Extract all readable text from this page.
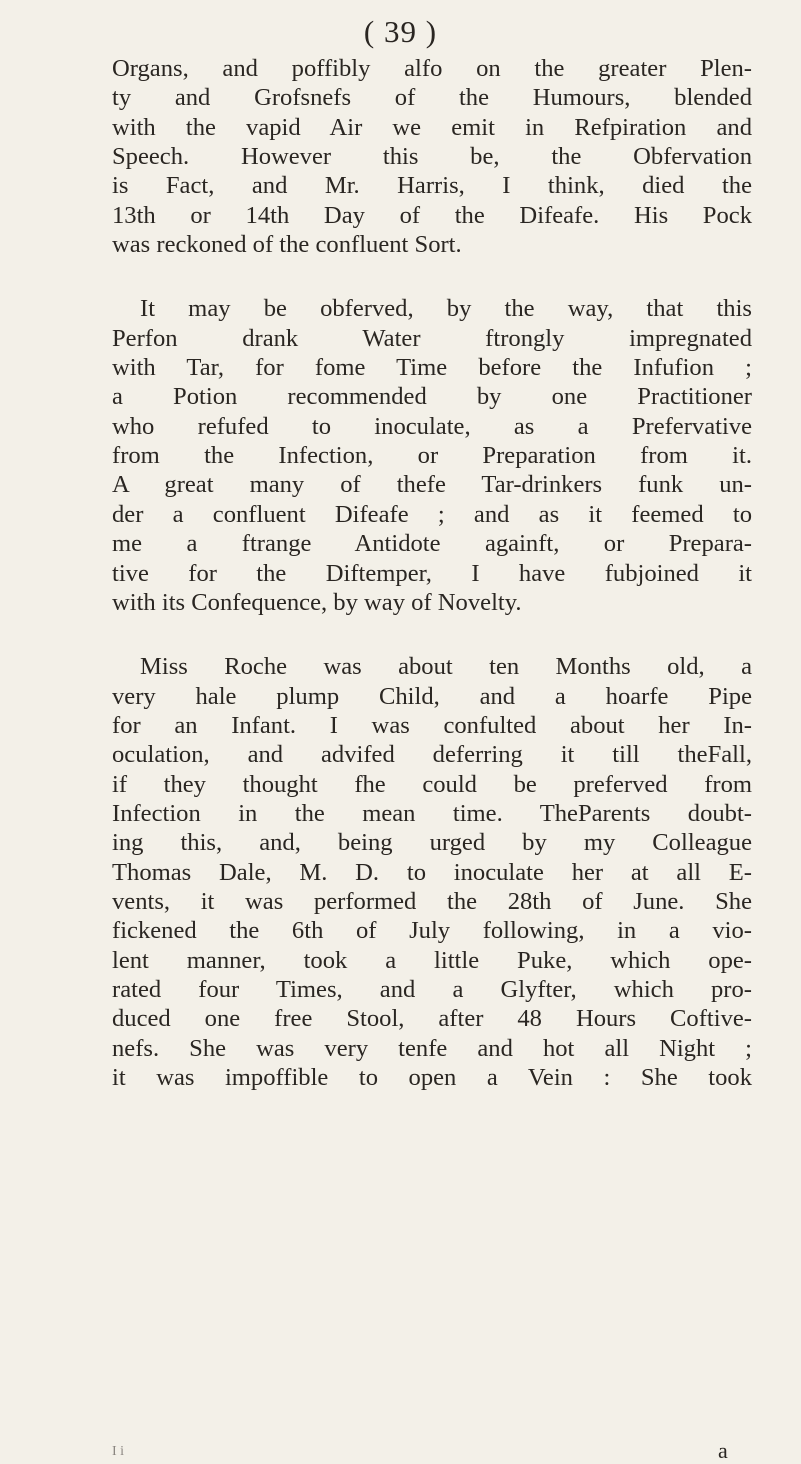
( 39 )

Organs, and poffibly alfo on the greater Plen-
ty and Grofsnefs of the Humours, blended
with the vapid Air we emit in Refpiration and
Speech. However this be, the Obfervation
is Fact, and Mr. Harris, I think, died the
13th or 14th Day of the Difeafe. His Pock
was reckoned of the confluent Sort.

It may be obferved, by the way, that this
Perfon drank Water ftrongly impregnated
with Tar, for fome Time before the Infufion ;
a Potion recommended by one Practitioner
who refufed to inoculate, as a Prefervative
from the Infection, or Preparation from it.
A great many of thefe Tar-drinkers funk un-
der a confluent Difeafe ; and as it feemed to
me a ftrange Antidote againft, or Prepara-
tive for the Diftemper, I have fubjoined it
with its Confequence, by way of Novelty.

Miss Roche was about ten Months old, a
very hale plump Child, and a hoarfe Pipe
for an Infant. I was confulted about her In-
oculation, and advifed deferring it till theFall,
if they thought fhe could be preferved from
Infection in the mean time. TheParents doubt-
ing this, and, being urged by my Colleague
Thomas Dale, M. D. to inoculate her at all E-
vents, it was performed the 28th of June. She
fickened the 6th of July following, in a vio-
lent manner, took a little Puke, which ope-
rated four Times, and a Glyfter, which pro-
duced one free Stool, after 48 Hours Coftive-
nefs. She was very tenfe and hot all Night ;
it was impoffible to open a Vein : She took

a
I i
